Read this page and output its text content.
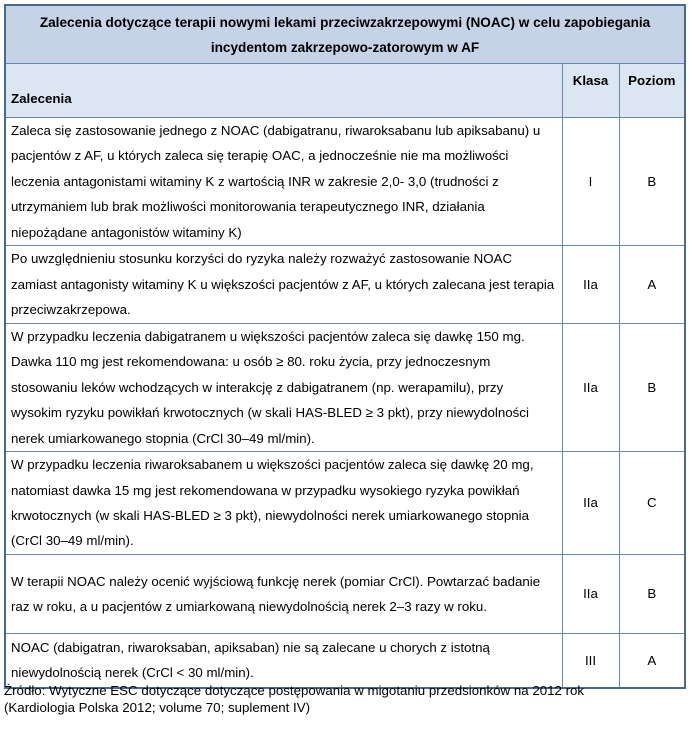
Zalecenia dotyczące terapii nowymi lekami przeciwzakrzepowymi (NOAC) w celu zapobiegania incydentom zakrzepowo-zatorowym w AF		
Zalecenia	Klasa	Poziom
Zaleca się zastosowanie jednego z NOAC (dabigatranu, riwaroksabanu lub apiksabanu) u pacjentów z AF, u których zaleca się terapię OAC, a jednocześnie nie ma możliwości leczenia antagonistami witaminy K z wartością INR w zakresie 2,0- 3,0 (trudności z utrzymaniem lub brak możliwości monitorowania terapeutycznego INR, działania niepożądane antagonistów witaminy K)	I	B
Po uwzględnieniu stosunku korzyści do ryzyka należy rozważyć zastosowanie NOAC zamiast antagonisty witaminy K u większości pacjentów z AF, u których zalecana jest terapia przeciwzakrzepowa.	IIa	A
W przypadku leczenia dabigatranem u większości pacjentów zaleca się dawkę 150 mg. Dawka 110 mg jest rekomendowana: u osób ≥ 80. roku życia, przy jednoczesnym stosowaniu leków wchodzących w interakcję z dabigatranem (np. werapamilu), przy wysokim ryzyku powikłań krwotocznych (w skali HAS-BLED ≥ 3 pkt), przy niewydolności nerek umiarkowanego stopnia (CrCl 30–49 ml/min).	IIa	B
W przypadku leczenia riwaroksabanem u większości pacjentów zaleca się dawkę 20 mg, natomiast dawka 15 mg jest rekomendowana w przypadku wysokiego ryzyka powikłań krwotocznych (w skali HAS-BLED ≥ 3 pkt), niewydolności nerek umiarkowanego stopnia (CrCl 30–49 ml/min).	IIa	C
W terapii NOAC należy ocenić wyjściową funkcję nerek (pomiar CrCl). Powtarzać badanie raz w roku, a u pacjentów z umiarkowaną niewydolnością nerek 2–3 razy w roku.	IIa	B
NOAC (dabigatran, riwaroksaban, apiksaban) nie są zalecane u chorych z istotną niewydolnością nerek (CrCl < 30 ml/min).	III	A
Źródło: Wytyczne ESC dotyczące dotyczące postępowania w migotaniu przedsionków na 2012 rok
(Kardiologia Polska 2012; volume 70; suplement IV)
